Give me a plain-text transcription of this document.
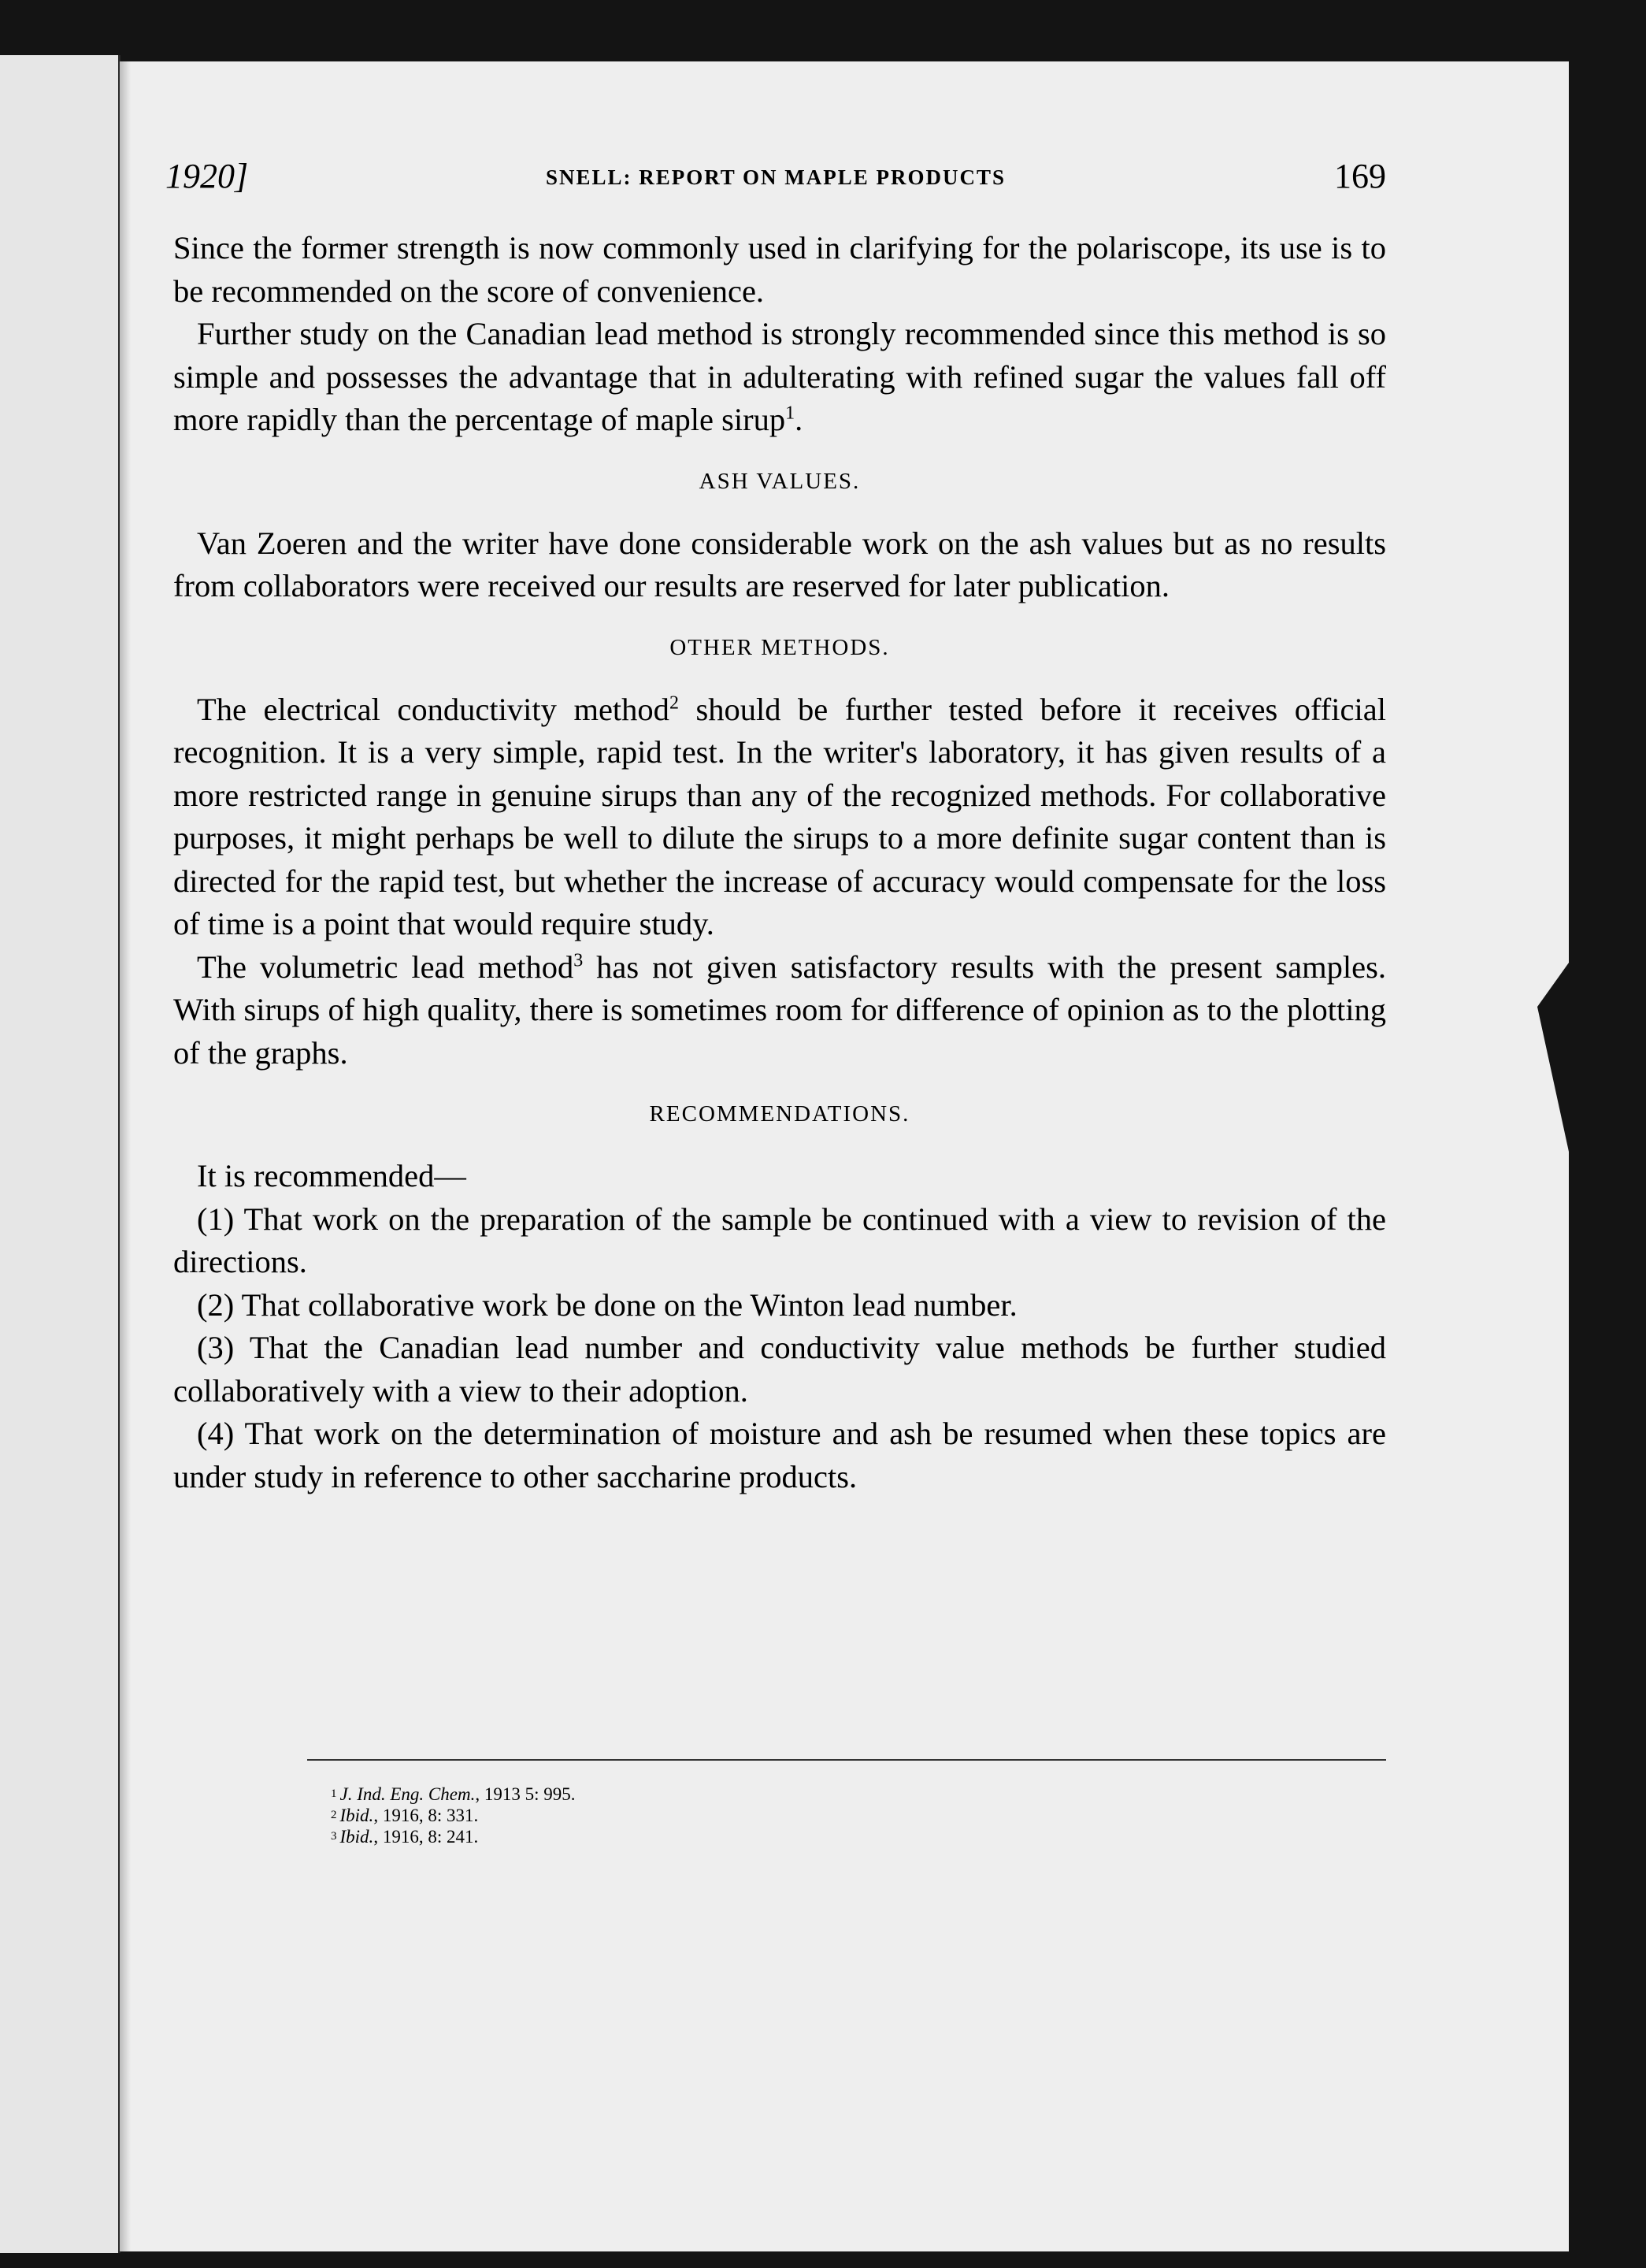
1920]	SNELL: REPORT ON MAPLE PRODUCTS	169

Since the former strength is now commonly used in clarifying for the polariscope, its use is to be recommended on the score of convenience.

Further study on the Canadian lead method is strongly recommended since this method is so simple and possesses the advantage that in adulterating with refined sugar the values fall off more rapidly than the percentage of maple sirup$^1$.

ASH VALUES.

Van Zoeren and the writer have done considerable work on the ash values but as no results from collaborators were received our results are reserved for later publication.

OTHER METHODS.

The electrical conductivity method$^2$ should be further tested before it receives official recognition. It is a very simple, rapid test. In the writer's laboratory, it has given results of a more restricted range in genuine sirups than any of the recognized methods. For collaborative purposes, it might perhaps be well to dilute the sirups to a more definite sugar content than is directed for the rapid test, but whether the increase of accuracy would compensate for the loss of time is a point that would require study.

The volumetric lead method$^3$ has not given satisfactory results with the present samples. With sirups of high quality, there is sometimes room for difference of opinion as to the plotting of the graphs.

RECOMMENDATIONS.

It is recommended—

(1) That work on the preparation of the sample be continued with a view to revision of the directions.

(2) That collaborative work be done on the Winton lead number.

(3) That the Canadian lead number and conductivity value methods be further studied collaboratively with a view to their adoption.

(4) That work on the determination of moisture and ash be resumed when these topics are under study in reference to other saccharine products.

$^1$ J. Ind. Eng. Chem., 1913 5: 995.
$^2$ Ibid., 1916, 8: 331.
$^3$ Ibid., 1916, 8: 241.
